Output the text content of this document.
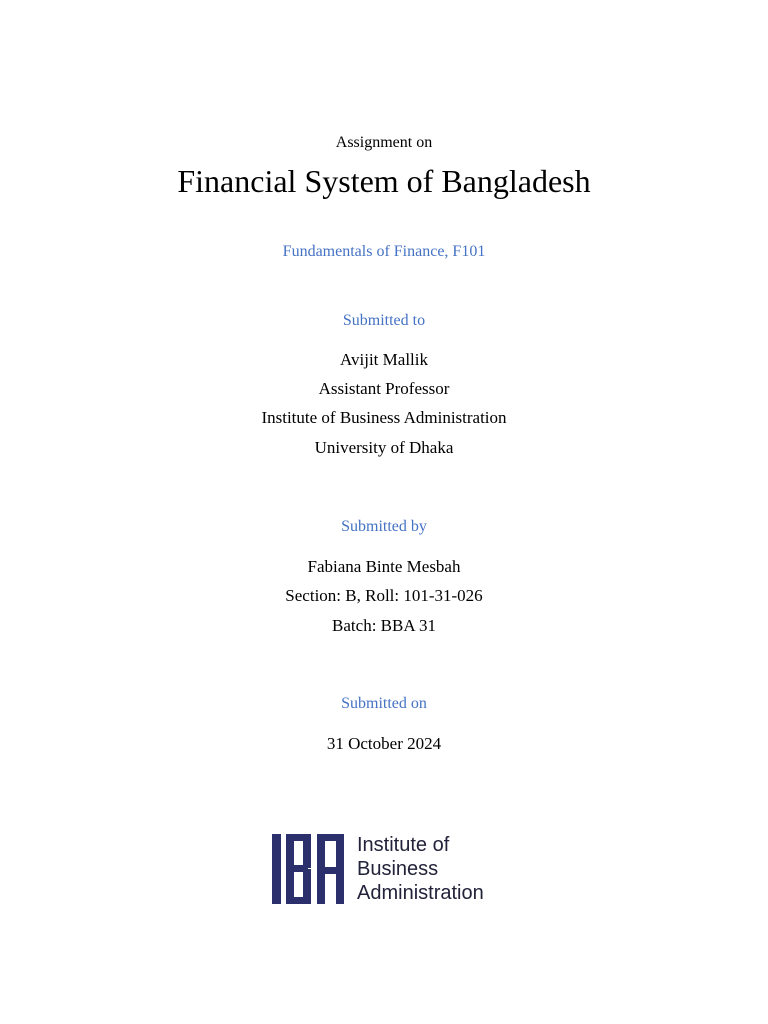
Assignment on
Financial System of Bangladesh
Fundamentals of Finance, F101
Submitted to
Avijit Mallik
Assistant Professor
Institute of Business Administration
University of Dhaka
Submitted by
Fabiana Binte Mesbah
Section: B, Roll: 101-31-026
Batch: BBA 31
Submitted on
31 October 2024
Institute of
Business
Administration
